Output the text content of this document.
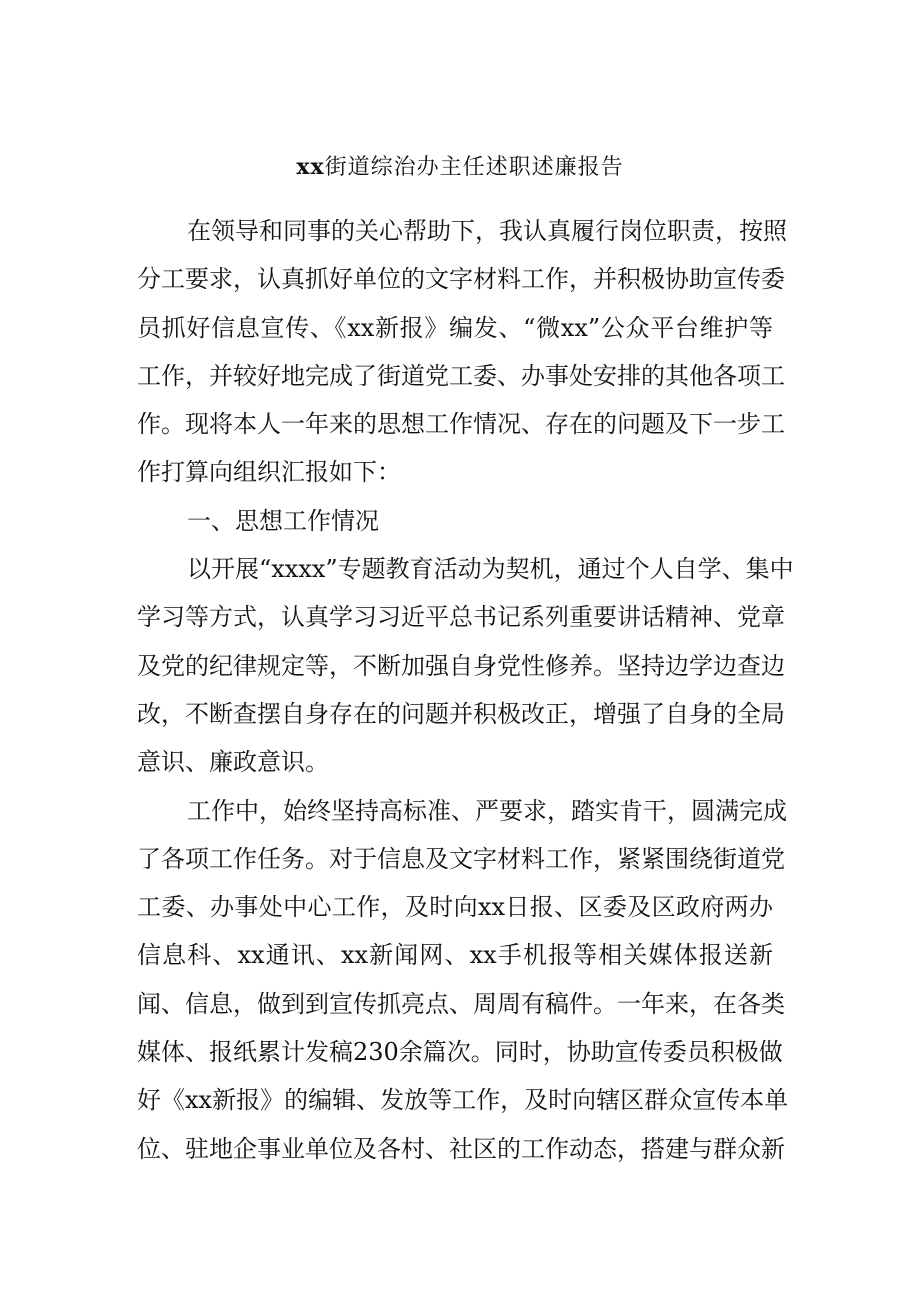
xx街道综治办主任述职述廉报告
在领导和同事的关心帮助下，我认真履行岗位职责，按照
分工要求，认真抓好单位的文字材料工作，并积极协助宣传委
员抓好信息宣传、《xx新报》编发、“微xx”公众平台维护等
工作，并较好地完成了街道党工委、办事处安排的其他各项工
作。现将本人一年来的思想工作情况、存在的问题及下一步工
作打算向组织汇报如下：
一、思想工作情况
以开展“xxxx”专题教育活动为契机，通过个人自学、集中
学习等方式，认真学习习近平总书记系列重要讲话精神、党章
及党的纪律规定等，不断加强自身党性修养。坚持边学边查边
改，不断查摆自身存在的问题并积极改正，增强了自身的全局
意识、廉政意识。
工作中，始终坚持高标准、严要求，踏实肯干，圆满完成
了各项工作任务。对于信息及文字材料工作，紧紧围绕街道党
工委、办事处中心工作，及时向xx日报、区委及区政府两办
信息科、xx通讯、xx新闻网、xx手机报等相关媒体报送新
闻、信息，做到到宣传抓亮点、周周有稿件。一年来，在各类
媒体、报纸累计发稿230余篇次。同时，协助宣传委员积极做
好《xx新报》的编辑、发放等工作，及时向辖区群众宣传本单
位、驻地企事业单位及各村、社区的工作动态，搭建与群众新
